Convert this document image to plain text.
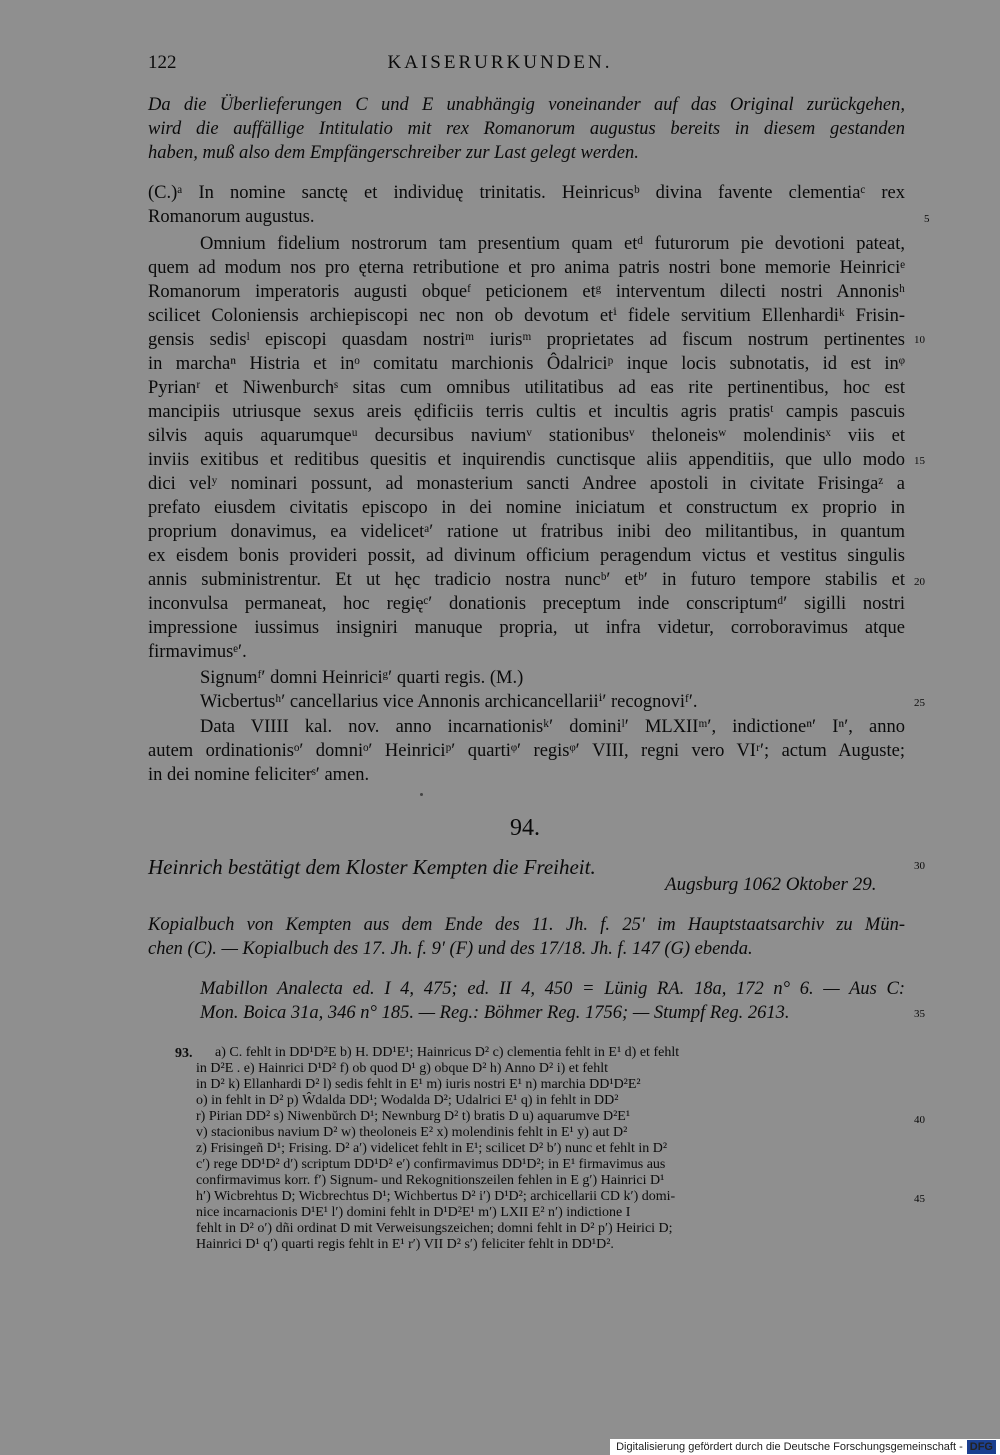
122	KAISERURKUNDEN.
Da die Überlieferungen C und E unabhängig voneinander auf das Original zurückgehen,
wird die auffällige Intitulatio mit rex Romanorum augustus bereits in diesem gestanden
haben, muß also dem Empfängerschreiber zur Last gelegt werden.
(C.)ᵃ In nomine sanctę et individuę trinitatis. Heinricusᵇ divina favente clementiaᶜ rex
Romanorum augustus.
Omnium fidelium nostrorum tam presentium quam etᵈ futurorum pie devotioni pateat,
quem ad modum nos pro ęterna retributione et pro anima patris nostri bone memorie Heinriciᵉ
Romanorum imperatoris augusti obqueᶠ peticionem etᵍ interventum dilecti nostri Annonisʰ
scilicet Coloniensis archiepiscopi nec non ob devotum etⁱ fidele servitium Ellenhardiᵏ Frisin-
gensis sedisˡ episcopi quasdam nostriᵐ iurisᵐ proprietates ad fiscum nostrum pertinentes
in marchaⁿ Histria et inᵒ comitatu marchionis Ôdalriciᵖ inque locis subnotatis, id est inᵠ
Pyrianʳ et Niwenburchˢ sitas cum omnibus utilitatibus ad eas rite pertinentibus, hoc est
mancipiis utriusque sexus areis ędificiis terris cultis et incultis agris pratisᵗ campis pascuis
silvis aquis aquarumqueᵘ decursibus naviumᵛ stationibusᵛ theloneisʷ molendinisˣ viis et
inviis exitibus et reditibus quesitis et inquirendis cunctisque aliis appenditiis, que ullo modo
dici velʸ nominari possunt, ad monasterium sancti Andree apostoli in civitate Frisingaᶻ a
prefato eiusdem civitatis episcopo in dei nomine iniciatum et constructum ex proprio in
proprium donavimus, ea videlicetᵃ′ ratione ut fratribus inibi deo militantibus, in quantum
ex eisdem bonis provideri possit, ad divinum officium peragendum victus et vestitus singulis
annis subministrentur. Et ut hęc tradicio nostra nuncᵇ′ etᵇ′ in futuro tempore stabilis et
inconvulsa permaneat, hoc regięᶜ′ donationis preceptum inde conscriptumᵈ′ sigilli nostri
impressione iussimus insigniri manuque propria, ut infra videtur, corroboravimus atque
firmavimusᵉ′.
Signumᶠ′ domni Heinriciᵍ′ quarti regis. (M.)
Wicbertusʰ′ cancellarius vice Annonis archicancellariiⁱ′ recognoviᶠ′.
Data VIIII kal. nov. anno incarnationisᵏ′ dominiˡ′ MLXIIᵐ′, indictioneⁿ′ Iⁿ′, anno
autem ordinationisᵒ′ domniᵒ′ Heinriciᵖ′ quartiᵠ′ regisᵠ′ VIII, regni vero VIʳ′; actum Auguste;
in dei nomine feliciterˢ′ amen.
5
10
15
20
25
30
35
40
45
94.
Heinrich bestätigt dem Kloster Kempten die Freiheit.
Augsburg 1062 Oktober 29.
Kopialbuch von Kempten aus dem Ende des 11. Jh. f. 25′ im Hauptstaatsarchiv zu Mün-
chen (C). — Kopialbuch des 17. Jh. f. 9′ (F) und des 17/18. Jh. f. 147 (G) ebenda.
Mabillon Analecta ed. I 4, 475; ed. II 4, 450 = Lünig RA. 18a, 172 n° 6. — Aus C:
Mon. Boica 31a, 346 n° 185. — Reg.: Böhmer Reg. 1756; — Stumpf Reg. 2613.
93. a) C. fehlt in DD¹D²E b) H. DD¹E¹; Hainricus D² c) clementia fehlt in E¹ d) et fehlt
in D²E . e) Hainrici D¹D² f) ob quod D¹ g) obque D² h) Anno D² i) et fehlt
in D² k) Ellanhardi D² l) sedis fehlt in E¹ m) iuris nostri E¹ n) marchia DD¹D²E²
o) in fehlt in D² p) Ŵdalda DD¹; Wodalda D²; Udalrici E¹ q) in fehlt in DD²
r) Pirian DD² s) Niwenbŭrch D¹; Newnburg D² t) bratis D u) aquarumve D²E¹
v) stacionibus navium D² w) theoloneis E² x) molendinis fehlt in E¹ y) aut D²
z) Frisingeñ D¹; Frising. D² a′) videlicet fehlt in E¹; scilicet D² b′) nunc et fehlt in D²
c′) rege DD¹D² d′) scriptum DD¹D² e′) confirmavimus DD¹D²; in E¹ firmavimus aus
confirmavimus korr. f′) Signum- und Rekognitionszeilen fehlen in E g′) Hainrici D¹
h′) Wicbrehtus D; Wicbrechtus D¹; Wichbertus D² i′) D¹D²; archicellarii CD k′) domi-
nice incarnacionis D¹E¹ l′) domini fehlt in D¹D²E¹ m′) LXII E² n′) indictione I
fehlt in D² o′) dñi ordinat D mit Verweisungszeichen; domni fehlt in D² p′) Heirici D;
Hainrici D¹ q′) quarti regis fehlt in E¹ r′) VII D² s′) feliciter fehlt in DD¹D².
Digitalisierung gefördert durch die Deutsche Forschungsgemeinschaft - DFG
